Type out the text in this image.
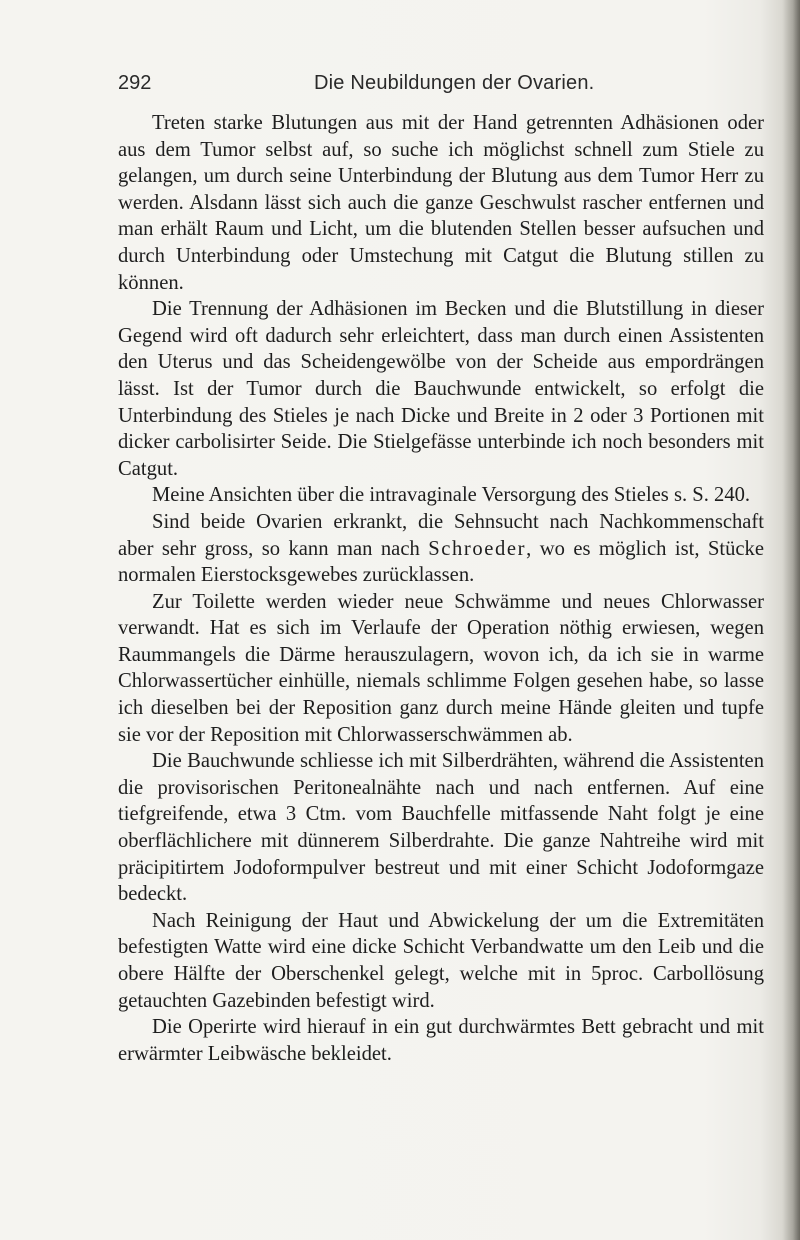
292	Die Neubildungen der Ovarien.

Treten starke Blutungen aus mit der Hand getrennten Adhäsionen oder aus dem Tumor selbst auf, so suche ich möglichst schnell zum Stiele zu gelangen, um durch seine Unterbindung der Blutung aus dem Tumor Herr zu werden. Alsdann lässt sich auch die ganze Geschwulst rascher entfernen und man erhält Raum und Licht, um die blutenden Stellen besser aufsuchen und durch Unterbindung oder Umstechung mit Catgut die Blutung stillen zu können.

Die Trennung der Adhäsionen im Becken und die Blutstillung in dieser Gegend wird oft dadurch sehr erleichtert, dass man durch einen Assistenten den Uterus und das Scheidengewölbe von der Scheide aus empordrängen lässt. Ist der Tumor durch die Bauchwunde entwickelt, so erfolgt die Unterbindung des Stieles je nach Dicke und Breite in 2 oder 3 Portionen mit dicker carbolisirter Seide. Die Stielgefässe unterbinde ich noch besonders mit Catgut.

Meine Ansichten über die intravaginale Versorgung des Stieles s. S. 240.

Sind beide Ovarien erkrankt, die Sehnsucht nach Nachkommenschaft aber sehr gross, so kann man nach Schroeder, wo es möglich ist, Stücke normalen Eierstocksgewebes zurücklassen.

Zur Toilette werden wieder neue Schwämme und neues Chlorwasser verwandt. Hat es sich im Verlaufe der Operation nöthig erwiesen, wegen Raummangels die Därme herauszulagern, wovon ich, da ich sie in warme Chlorwassertücher einhülle, niemals schlimme Folgen gesehen habe, so lasse ich dieselben bei der Reposition ganz durch meine Hände gleiten und tupfe sie vor der Reposition mit Chlorwasserschwämmen ab.

Die Bauchwunde schliesse ich mit Silberdrähten, während die Assistenten die provisorischen Peritonealnähte nach und nach entfernen. Auf eine tiefgreifende, etwa 3 Ctm. vom Bauchfelle mitfassende Naht folgt je eine oberflächlichere mit dünnerem Silberdrahte. Die ganze Nahtreihe wird mit präcipitirtem Jodoformpulver bestreut und mit einer Schicht Jodoformgaze bedeckt.

Nach Reinigung der Haut und Abwickelung der um die Extremitäten befestigten Watte wird eine dicke Schicht Verbandwatte um den Leib und die obere Hälfte der Oberschenkel gelegt, welche mit in 5proc. Carbollösung getauchten Gazebinden befestigt wird.

Die Operirte wird hierauf in ein gut durchwärmtes Bett gebracht und mit erwärmter Leibwäsche bekleidet.
